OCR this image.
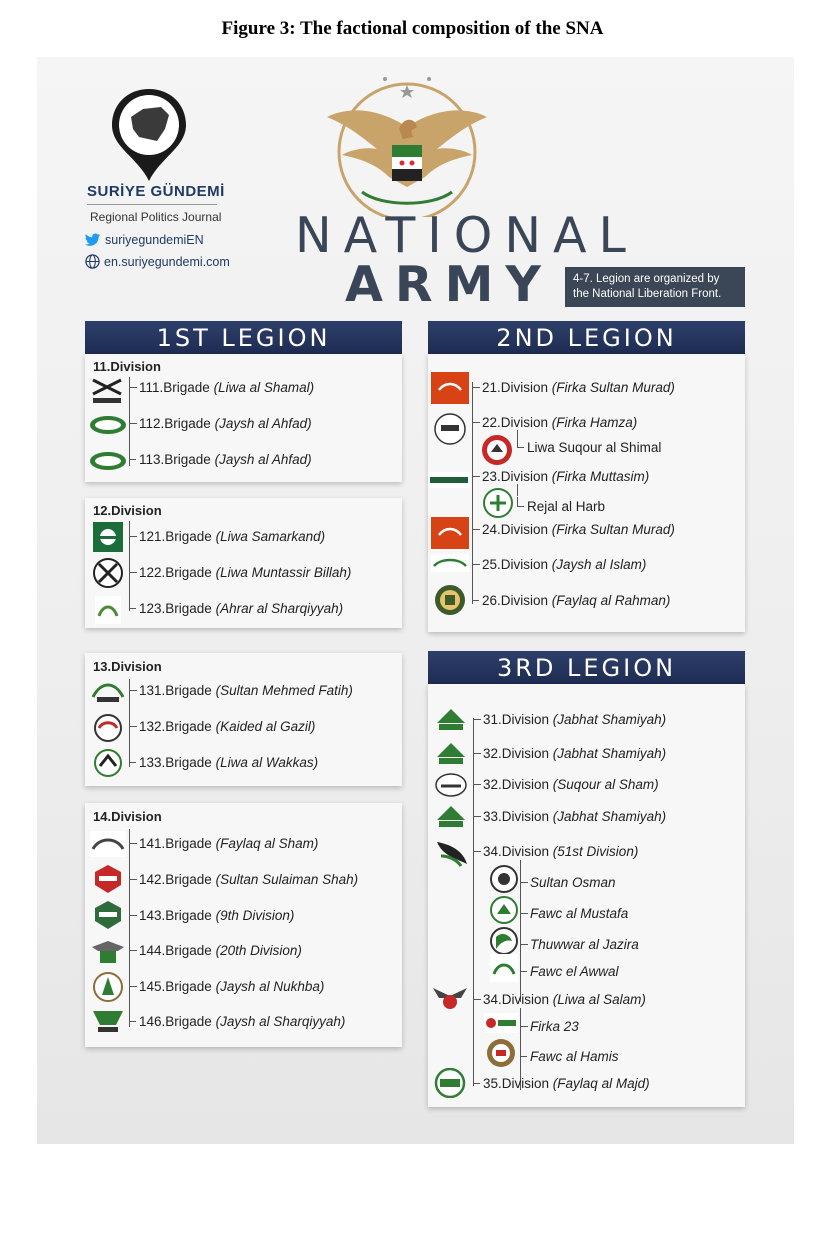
Figure 3: The factional composition of the SNA
SURİYE GÜNDEMİ
Regional Politics Journal
suriyegundemiEN
en.suriyegundemi.com NATIONAL
ARMY 4-7. Legion are organized by
the National Liberation Front.
1ST LEGION
11.Division
111.Brigade
(Liwa al Shamal)
112.Brigade
(Jaysh al Ahfad)
113.Brigade
(Jaysh al Ahfad)
12.Division
121.Brigade
(Liwa Samarkand)
122.Brigade
(Liwa Muntassir Billah)
123.Brigade
(Ahrar al Sharqiyyah)
13.Division
131.Brigade
(Sultan Mehmed Fatih)
132.Brigade
(Kaided al Gazil)
133.Brigade
(Liwa al Wakkas)
14.Division
141.Brigade
(Faylaq al Sham)
142.Brigade
(Sultan Sulaiman Shah)
143.Brigade
(9th Division)
144.Brigade
(20th Division)
145.Brigade
(Jaysh al Nukhba)
146.Brigade
(Jaysh al Sharqiyyah)
2ND LEGION
21.Division
(Firka Sultan Murad)
22.Division
(Firka Hamza)
Liwa Suqour al Shimal
23.Division
(Firka Muttasim)
Rejal al Harb
24.Division
(Firka Sultan Murad)
25.Division
(Jaysh al Islam)
26.Division
(Faylaq al Rahman)
3RD LEGION
31.Division
(Jabhat Shamiyah)
32.Division
(Jabhat Shamiyah)
32.Division
(Suqour al Sham)
33.Division
(Jabhat Shamiyah)
34.Division
(51st Division)
Sultan Osman
Fawc al Mustafa
Thuwwar al Jazira
Fawc el Awwal
34.Division
(Liwa al Salam)
Firka 23
Fawc al Hamis
35.Division
(Faylaq al Majd)
